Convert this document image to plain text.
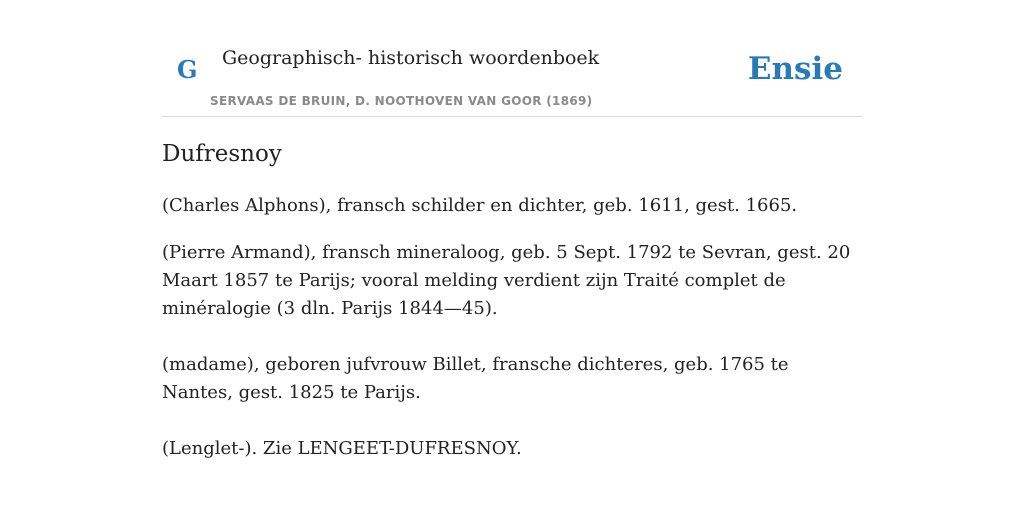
G Geographisch- historisch woordenboek
SERVAAS DE BRUIN, D. NOOTHOVEN VAN GOOR (1869)
Ensie
Dufresnoy

(Charles Alphons), fransch schilder en dichter, geb. 1611, gest. 1665.

(Pierre Armand), fransch mineraloog, geb. 5 Sept. 1792 te Sevran, gest. 20 Maart 1857 te Parijs; vooral melding verdient zijn Traité complet de minéralogie (3 dln. Parijs 1844—45).

(madame), geboren jufvrouw Billet, fransche dichteres, geb. 1765 te Nantes, gest. 1825 te Parijs.

(Lenglet-). Zie LENGEET-DUFRESNOY.
